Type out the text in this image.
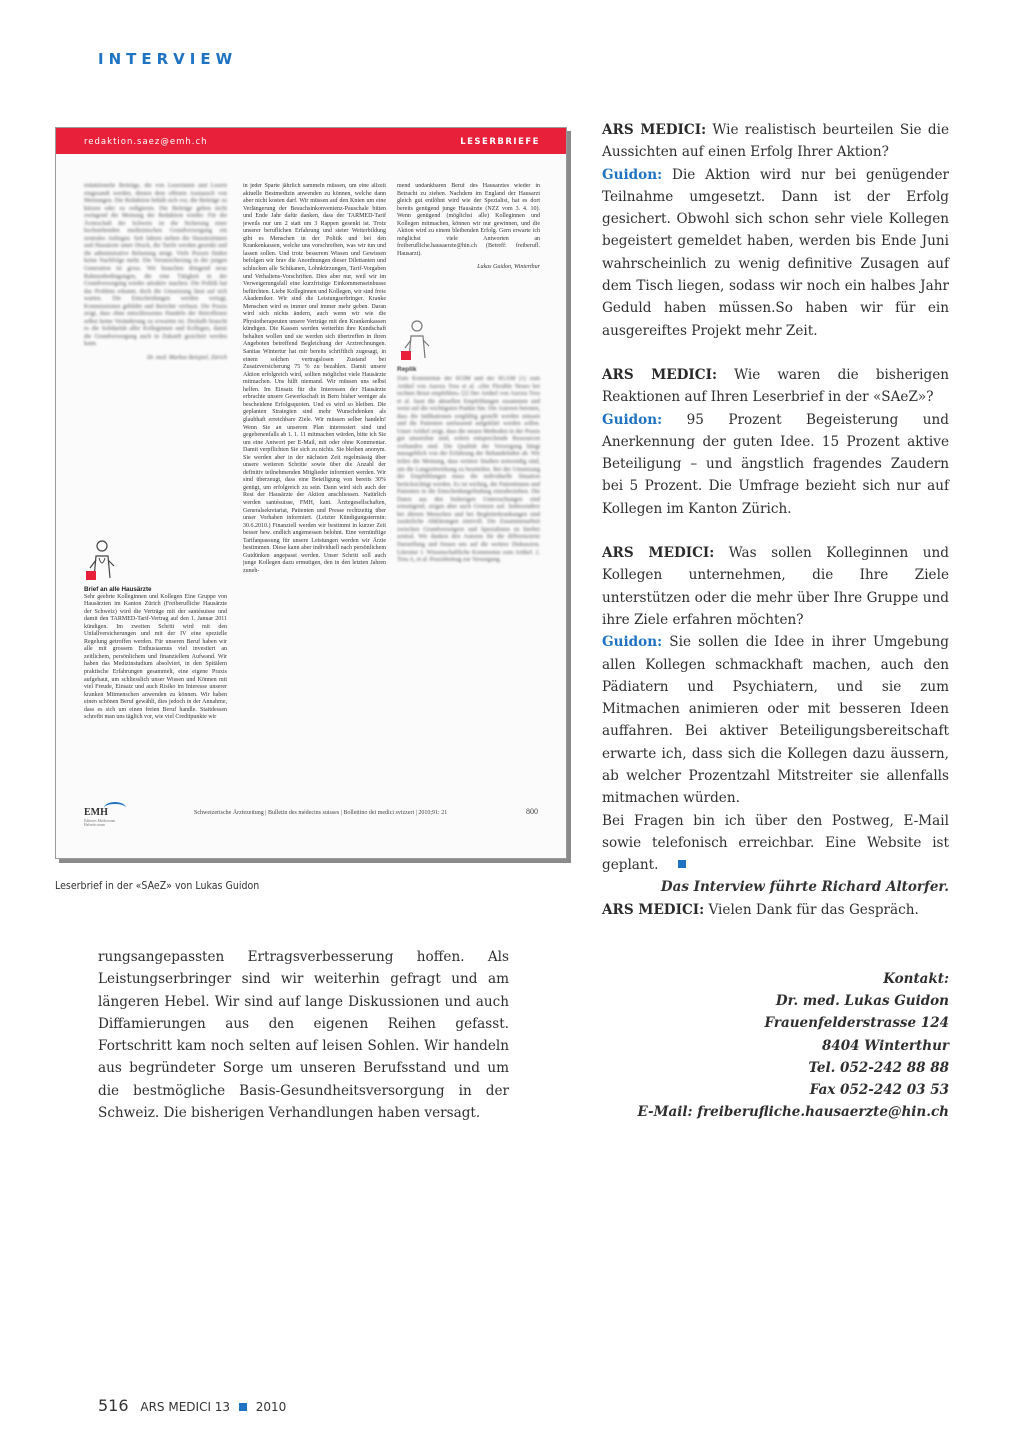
INTERVIEW
redaktion.saez@emh.ch	LESERBRIEFE
redaktionelle Beiträge, die von Leserinnen und Lesern eingesandt werden, dienen dem offenen Austausch von Meinungen. Die Redaktion behält sich vor, die Beiträge zu kürzen oder zu redigieren. Die Beiträge geben nicht zwingend die Meinung der Redaktion wieder. Für die Ärzteschaft der Schweiz ist die Sicherung einer hochstehenden medizinischen Grundversorgung ein zentrales Anliegen. Seit Jahren stehen die Hausärztinnen und Hausärzte unter Druck, die Tarife werden gesenkt und die administrative Belastung steigt. Viele Praxen finden keine Nachfolge mehr. Die Verunsicherung in der jungen Generation ist gross. Wir brauchen dringend neue Rahmenbedingungen, die eine Tätigkeit in der Grundversorgung wieder attraktiv machen. Die Politik hat das Problem erkannt, doch die Umsetzung lässt auf sich warten. Die Entscheidungen werden vertagt, Kommissionen gebildet und Berichte verfasst. Die Praxis zeigt, dass ohne entschlossenes Handeln der Betroffenen selbst keine Veränderung zu erwarten ist. Deshalb braucht es die Solidarität aller Kolleginnen und Kollegen, damit die Grundversorgung auch in Zukunft gesichert werden kann.
Dr. med. Markus Beispiel, Zürich
Brief an alle Hausärzte
Sehr geehrte Kolleginnen und Kollegen Eine Gruppe von Hausärzten im Kanton Zürich (Freiberufliche Hausärzte der Schweiz) wird die Verträge mit der santésuisse und damit den TARMED-Tarif-Vertrag auf den 1. Januar 2011 kündigen. Im zweiten Schritt wird mit den Unfallversicherungen und mit der IV eine spezielle Regelung getroffen werden. Für unseren Beruf haben wir alle mit grossem Enthusiasmus viel investiert an zeitlichem, persönlichem und finanziellem Aufwand. Wir haben das Medizinstudium absolviert, in den Spitälern praktische Erfahrungen gesammelt, eine eigene Praxis aufgebaut, um schliesslich unser Wissen und Können mit viel Freude, Einsatz und auch Risiko im Interesse unserer kranken Mitmenschen anwenden zu können. Wir haben einen schönen Beruf gewählt, dies jedoch in der Annahme, dass es sich um einen freien Beruf handle. Stattdessen schreibt man uns täglich vor, wie viel Creditpunkte wir
in jeder Sparte jährlich sammeln müssen, um eine allzeit aktuelle Bestmedizin anwenden zu können, welche dann aber nicht kosten darf. Wir müssen auf den Knien um eine Verlängerung der Besuchsinkonvenienz-Pauschale bitten und Ende Jahr dafür danken, dass der TARMED-Tarif jeweils nur um 2 statt um 3 Rappen gesenkt ist. Trotz unserer beruflichen Erfahrung und steter Weiterbildung gibt es Menschen in der Politik und bei den Krankenkassen, welche uns vorschreiben, was wir tun und lassen sollen. Und trotz besserem Wissen und Gewissen befolgen wir brav die Anordnungen dieser Dilettanten und schlucken alle Schikanen, Lohnkürzungen, Tarif-Vorgaben und Verhaltens-Vorschriften. Dies aber nur, weil wir im Verweigerungsfall eine kurzfristige Einkommenseinbusse befürchten. Liebe Kolleginnen und Kollegen, wir sind freie Akademiker. Wir sind die Leistungserbringer. Kranke Menschen wird es immer und immer mehr geben. Daran wird sich nichts ändern, auch wenn wir wie die Physiotherapeuten unsere Verträge mit den Krankenkassen kündigen. Die Kassen werden weiterhin ihre Kundschaft behalten wollen und sie werden sich übertreffen in ihren Angeboten betreffend Begleichung der Arztrechnungen. Sanitas Wintertur hat mir bereits schriftlich zugesagt, in einem solchen vertragslosen Zustand bei Zusatzversicherung 75 % zu bezahlen. Damit unsere Aktion erfolgreich wird, sollten möglichst viele Hausärzte mitmachen. Uns hilft niemand. Wir müssen uns selbst helfen. Im Einsatz für die Interessen der Hausärzte erbrachte unsere Gewerkschaft in Bern bisher weniger als bescheidene Erfolgsquoten. Und es wird so bleiben. Die geplanten Strategien sind mehr Wunschdenken als glaubhaft erreichbare Ziele. Wir müssen selber handeln! Wenn Sie an unserem Plan interessiert sind und gegebenenfalls ab 1. 1. 11 mitmachen würden, bitte ich Sie um eine Antwort per E-Mail, mit oder ohne Kommentar. Damit verpflichten Sie sich zu nichts. Sie bleiben anonym. Sie werden aber in der nächsten Zeit regelmässig über unsere weiteren Schritte sowie über die Anzahl der definitiv teilnehmenden Mitglieder informiert werden. Wir sind überzeugt, dass eine Beteiligung von bereits 30% genügt, um erfolgreich zu sein. Dann wird sich auch der Rest der Hausärzte der Aktion anschliessen. Natürlich werden santésuisse, FMH, kant. Ärztegesellschaften, Generalsekretariat, Patienten und Presse rechtzeitig über unser Vorhaben informiert. (Letzter Kündigungstermin: 30.6.2010.) Finanziell werden wir bestimmt in kurzer Zeit besser bew. endlich angemessen belohnt. Eine vernünftige Tarifanpassung für unsere Leistungen werden wir Ärzte bestimmen. Diese kann aber individuell nach persönlichem Gutdünken angepasst werden. Unser Schritt soll auch junge Kollegen dazu ermutigen, den in den letzten Jahren zuneh-
mend undankbaren Beruf des Hausarztes wieder in Betracht zu ziehen. Nachdem im England der Hausarzt gleich gut entlöhnt wird wie der Spezialist, hat es dort bereits genügend junge Hausärzte (NZZ vom 3. 4. 10). Wenn genügend (möglichst alle) Kolleginnen und Kollegen mitmachen, können wir nur gewinnen, und die Aktion wird zu einem bleibenden Erfolg. Gern erwarte ich möglichst viele Antworten an freiberufliche.hausaerzte@hin.ch (Betreff: freiberufl. Hausarzt).
Lukas Guidon, Winterthur
Replik
Zum Kommentar der SGIM und der SGAM [1] zum Artikel von Aurora Treu et al. «Die Flexible Neuro bei rechten Brust empfehlen» [2] Der Artikel von Aurora Treu et al. fasst die aktuellen Empfehlungen zusammen und weist auf die wichtigsten Punkte hin. Die Autoren betonen, dass die Indikationen sorgfältig gestellt werden müssen und die Patienten umfassend aufgeklärt werden sollen. Unser Artikel zeigt, dass die neuen Methoden in der Praxis gut umsetzbar sind, sofern entsprechende Ressourcen vorhanden sind. Die Qualität der Versorgung hängt massgeblich von der Erfahrung der Behandelnden ab. Wir teilen die Meinung, dass weitere Studien notwendig sind, um die Langzeitwirkung zu beurteilen. Bei der Umsetzung der Empfehlungen muss die individuelle Situation berücksichtigt werden. Es ist wichtig, die Patientinnen und Patienten in die Entscheidungsfindung einzubeziehen. Die Daten aus den bisherigen Untersuchungen sind ermutigend, zeigen aber auch Grenzen auf. Insbesondere bei älteren Menschen und bei Begleiterkrankungen sind zusätzliche Abklärungen sinnvoll. Die Zusammenarbeit zwischen Grundversorgern und Spezialisten ist hierbei zentral. Wir danken den Autoren für die differenzierte Darstellung und freuen uns auf die weitere Diskussion. Literatur 1. Wissenschaftliche Kommentar zum Artikel. 2. Treu A, et al. Praxisbeitrag zur Versorgung.
EMH
Editores Medicorum Helveticorum
Schweizerische Ärztezeitung | Bulletin des médecins suisses | Bollettino dei medici svizzeri | 2010;91: 21	800
Leserbrief in der «SAeZ» von Lukas Guidon

ARS MEDICI: Wie realistisch beurteilen Sie die Aussichten auf einen Erfolg Ihrer Aktion?

Guidon: Die Aktion wird nur bei genügender Teilnahme umgesetzt. Dann ist der Erfolg gesichert. Obwohl sich schon sehr viele Kollegen begeistert gemeldet haben, werden bis Ende Juni wahrscheinlich zu wenig definitive Zusagen auf dem Tisch liegen, sodass wir noch ein halbes Jahr Geduld haben müssen.So haben wir für ein ausgereiftes Projekt mehr Zeit.

ARS MEDICI: Wie waren die bisherigen Reaktionen auf Ihren Leserbrief in der «SAeZ»?

Guidon: 95 Prozent Begeisterung und Anerkennung der guten Idee. 15 Prozent aktive Beteiligung – und ängstlich fragendes Zaudern bei 5 Prozent. Die Umfrage bezieht sich nur auf Kollegen im Kanton Zürich.

ARS MEDICI: Was sollen Kolleginnen und Kollegen unternehmen, die Ihre Ziele unterstützen oder die mehr über Ihre Gruppe und ihre Ziele erfahren möchten?

Guidon: Sie sollen die Idee in ihrer Umgebung allen Kollegen schmackhaft machen, auch den Pädiatern und Psychiatern, und sie zum Mitmachen animieren oder mit besseren Ideen auffahren. Bei aktiver Beteiligungsbereitschaft erwarte ich, dass sich die Kollegen dazu äussern, ab welcher Prozentzahl Mitstreiter sie allenfalls mitmachen würden.

Bei Fragen bin ich über den Postweg, E-Mail sowie telefonisch erreichbar. Eine Website ist geplant.

ARS MEDICI: Vielen Dank für das Gespräch.

Das Interview führte Richard Altorfer.
rungsangepassten Ertragsverbesserung hoffen. Als Leistungserbringer sind wir weiterhin gefragt und am längeren Hebel. Wir sind auf lange Diskussionen und auch Diffamierungen aus den eigenen Reihen gefasst. Fortschritt kam noch selten auf leisen Sohlen. Wir handeln aus begründeter Sorge um unseren Berufsstand und um die bestmögliche Basis-Gesundheitsversorgung in der Schweiz. Die bisherigen Verhandlungen haben versagt.
Kontakt:
Dr. med. Lukas Guidon
Frauenfelderstrasse 124
8404 Winterthur
Tel. 052-242 88 88
Fax 052-242 03 53
E-Mail: freiberufliche.hausaerzte@hin.ch
516 ARS MEDICI 13 2010
